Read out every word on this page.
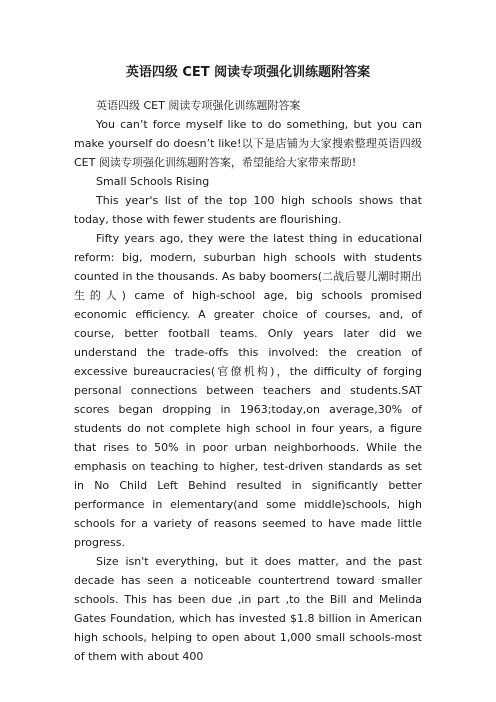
英语四级 CET 阅读专项强化训练题附答案

英语四级 CET 阅读专项强化训练题附答案

You can’t force myself like to do something, but you can make yourself do doesn’t like!以下是店铺为大家搜索整理英语四级 CET 阅读专项强化训练题附答案，希望能给大家带来帮助!

Small Schools Rising

This year's list of the top 100 high schools shows that today, those with fewer students are flourishing.

Fifty years ago, they were the latest thing in educational reform: big, modern, suburban high schools with students counted in the thousands. As baby boomers(二战后婴儿潮时期出生的人) came of high-school age, big schools promised economic efficiency. A greater choice of courses, and, of course, better football teams. Only years later did we understand the trade-offs this involved: the creation of excessive bureaucracies(官僚机构)，the difficulty of forging personal connections between teachers and students.SAT scores began dropping in 1963;today,on average,30% of students do not complete high school in four years, a figure that rises to 50% in poor urban neighborhoods. While the emphasis on teaching to higher, test-driven standards as set in No Child Left Behind resulted in significantly better performance in elementary(and some middle)schools, high schools for a variety of reasons seemed to have made little progress.

Size isn't everything, but it does matter, and the past decade has seen a noticeable countertrend toward smaller schools. This has been due ,in part ,to the Bill and Melinda Gates Foundation, which has invested $1.8 billion in American high schools, helping to open about 1,000 small schools-most of them with about 400
